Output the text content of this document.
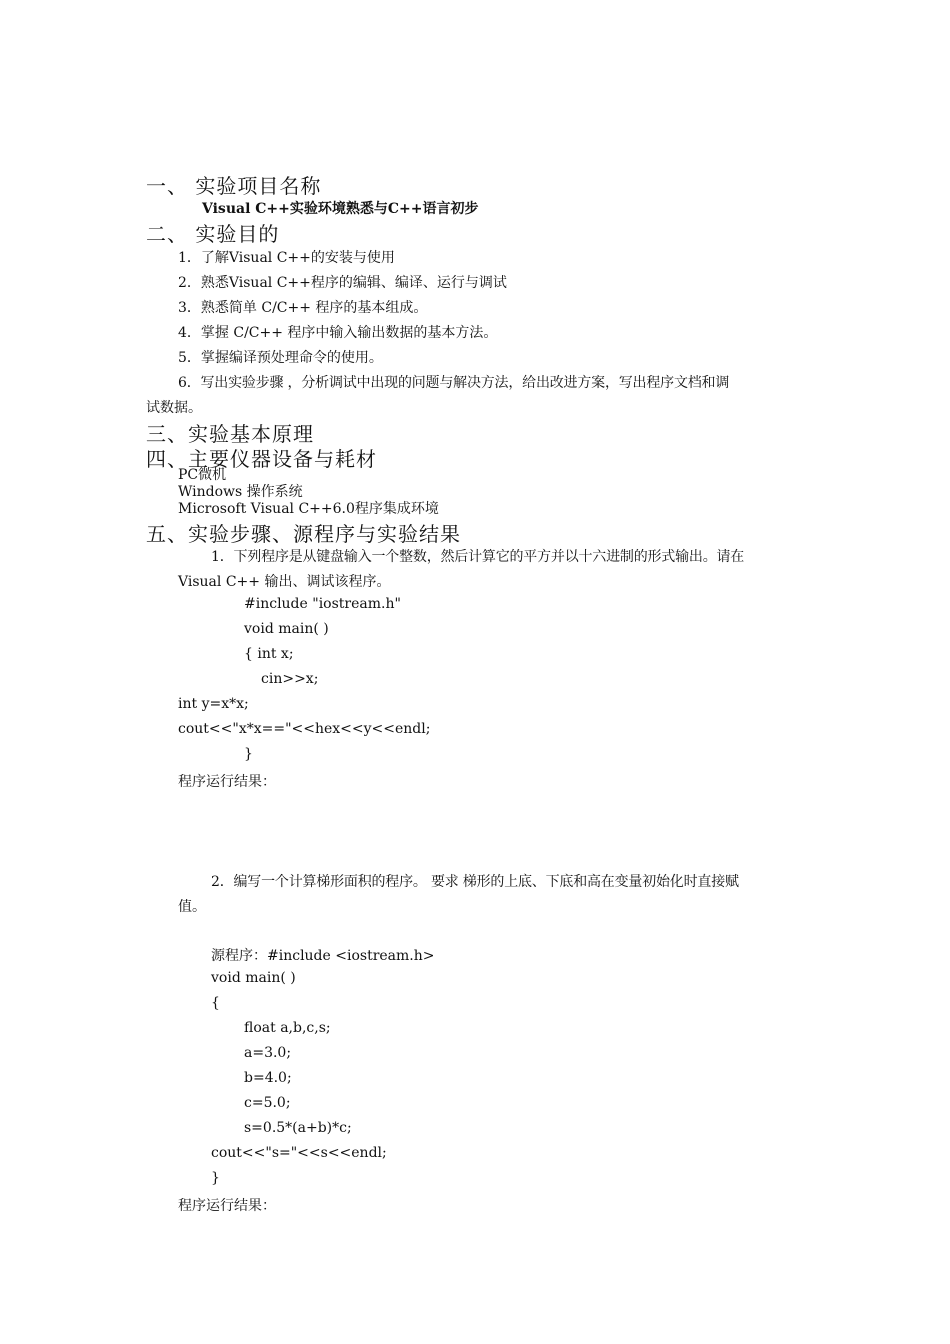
一、 实验项目名称
Visual C++实验环境熟悉与C++语言初步
二、 实验目的
1．了解Visual C++的安装与使用
2．熟悉Visual C++程序的编辑、编译、运行与调试
3．熟悉简单 C/C++ 程序的基本组成。
4．掌握 C/C++ 程序中输入输出数据的基本方法。
5．掌握编译预处理命令的使用。
6．写出实验步骤 ，分析调试中出现的问题与解决方法，给出改进方案，写出程序文档和调
试数据。
三、实验基本原理
四、主要仪器设备与耗材
PC微机
Windows 操作系统
Microsoft Visual C++6.0程序集成环境
五、实验步骤、源程序与实验结果
1．下列程序是从键盘输入一个整数，然后计算它的平方并以十六进制的形式输出。请在
Visual C++ 输出、调试该程序。
#include "iostream.h"
void main( )
{ int x;
cin>>x;
int y=x*x;
cout<<"x*x=="<<hex<<y<<endl;
}
程序运行结果：
2．编写一个计算梯形面积的程序。 要求 梯形的上底、下底和高在变量初始化时直接赋
值。
源程序：#include <iostream.h>
void main( )
{
float a,b,c,s;
a=3.0;
b=4.0;
c=5.0;
s=0.5*(a+b)*c;
cout<<"s="<<s<<endl;
}
程序运行结果：
